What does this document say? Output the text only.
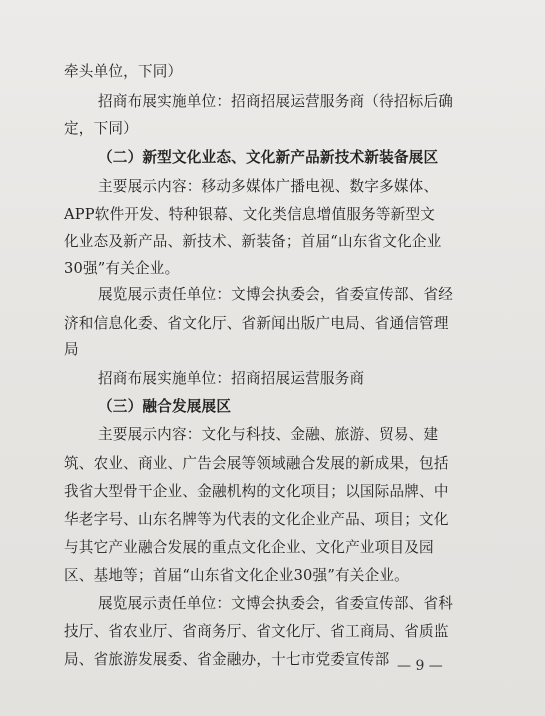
牵头单位，下同）
招商布展实施单位：招商招展运营服务商（待招标后确
定，下同）
（二）新型文化业态、文化新产品新技术新装备展区
主要展示内容：移动多媒体广播电视、数字多媒体、
APP软件开发、特种银幕、文化类信息增值服务等新型文
化业态及新产品、新技术、新装备；首届“山东省文化企业
30强”有关企业。
展览展示责任单位：文博会执委会，省委宣传部、省经
济和信息化委、省文化厅、省新闻出版广电局、省通信管理
局
招商布展实施单位：招商招展运营服务商
（三）融合发展展区
主要展示内容：文化与科技、金融、旅游、贸易、建
筑、农业、商业、广告会展等领域融合发展的新成果，包括
我省大型骨干企业、金融机构的文化项目；以国际品牌、中
华老字号、山东名牌等为代表的文化企业产品、项目；文化
与其它产业融合发展的重点文化企业、文化产业项目及园
区、基地等；首届“山东省文化企业30强”有关企业。
展览展示责任单位：文博会执委会，省委宣传部、省科
技厅、省农业厅、省商务厅、省文化厅、省工商局、省质监
局、省旅游发展委、省金融办，十七市党委宣传部 — 9 —
